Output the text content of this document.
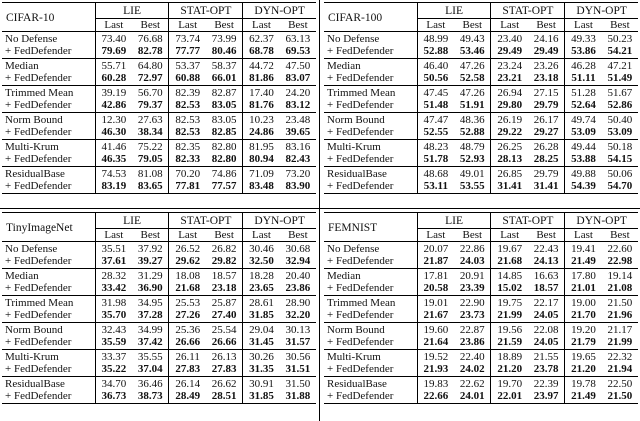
CIFAR-10	LIE		STAT-OPT		DYN-OPT	
	Last	Best	Last	Best	Last	Best
No Defense	73.40	76.68	73.74	73.99	62.37	63.13
+ FedDefender	79.69	82.78	77.77	80.46	68.78	69.53
Median	55.71	64.80	53.37	58.37	44.72	47.50
+ FedDefender	60.28	72.97	60.88	66.01	81.86	83.07
Trimmed Mean	39.19	56.70	82.39	82.87	17.40	24.20
+ FedDefender	42.86	79.37	82.53	83.05	81.76	83.12
Norm Bound	12.30	27.63	82.53	83.05	10.23	23.48
+ FedDefender	46.30	38.34	82.53	82.85	24.86	39.65
Multi-Krum	41.46	75.22	82.35	82.80	81.95	83.16
+ FedDefender	46.35	79.05	82.33	82.80	80.94	82.43
ResidualBase	74.53	81.08	70.20	74.86	71.09	73.20
+ FedDefender	83.19	83.65	77.81	77.57	83.48	83.90
CIFAR-100	LIE		STAT-OPT		DYN-OPT	
	Last	Best	Last	Best	Last	Best
No Defense	48.99	49.43	23.40	24.16	49.33	50.23
+ FedDefender	52.88	53.46	29.49	29.49	53.86	54.21
Median	46.40	47.26	23.24	23.26	46.28	47.21
+ FedDefender	50.56	52.58	23.21	23.18	51.11	51.49
Trimmed Mean	47.45	47.26	26.94	27.15	51.28	51.67
+ FedDefender	51.48	51.91	29.80	29.79	52.64	52.86
Norm Bound	47.47	48.36	26.19	26.17	49.74	50.40
+ FedDefender	52.55	52.88	29.22	29.27	53.09	53.09
Multi-Krum	48.23	48.79	26.25	26.28	49.44	50.18
+ FedDefender	51.78	52.93	28.13	28.25	53.88	54.15
ResidualBase	48.68	49.01	26.85	29.79	49.88	50.06
+ FedDefender	53.11	53.55	31.41	31.41	54.39	54.70
TinyImageNet	LIE		STAT-OPT		DYN-OPT	
	Last	Best	Last	Best	Last	Best
No Defense	35.51	37.92	26.52	26.82	30.46	30.68
+ FedDefender	37.61	39.27	29.62	29.82	32.50	32.94
Median	28.32	31.29	18.08	18.57	18.28	20.40
+ FedDefender	33.42	36.90	21.68	23.18	23.65	23.86
Trimmed Mean	31.98	34.95	25.53	25.87	28.61	28.90
+ FedDefender	35.70	37.28	27.26	27.40	31.85	32.20
Norm Bound	32.43	34.99	25.36	25.54	29.04	30.13
+ FedDefender	35.59	37.42	26.66	26.66	31.45	31.57
Multi-Krum	33.37	35.55	26.11	26.13	30.26	30.56
+ FedDefender	35.22	37.04	27.83	27.83	31.35	31.51
ResidualBase	34.70	36.46	26.14	26.62	30.91	31.50
+ FedDefender	36.73	38.73	28.49	28.51	31.85	31.88
FEMNIST	LIE		STAT-OPT		DYN-OPT	
	Last	Best	Last	Best	Last	Best
No Defense	20.07	22.86	19.67	22.43	19.41	22.60
+ FedDefender	21.87	24.03	21.68	24.13	21.49	22.98
Median	17.81	20.91	14.85	16.63	17.80	19.14
+ FedDefender	20.58	23.39	15.02	18.57	21.01	21.08
Trimmed Mean	19.01	22.90	19.75	22.17	19.00	21.50
+ FedDefender	21.67	23.73	21.99	24.05	21.70	21.96
Norm Bound	19.60	22.87	19.56	22.08	19.20	21.17
+ FedDefender	21.64	23.86	21.59	24.05	21.79	21.99
Multi-Krum	19.52	22.40	18.89	21.55	19.65	22.32
+ FedDefender	21.93	24.02	21.20	23.78	21.20	21.94
ResidualBase	19.83	22.62	19.70	22.39	19.78	22.50
+ FedDefender	22.66	24.01	22.01	23.97	21.49	21.50
